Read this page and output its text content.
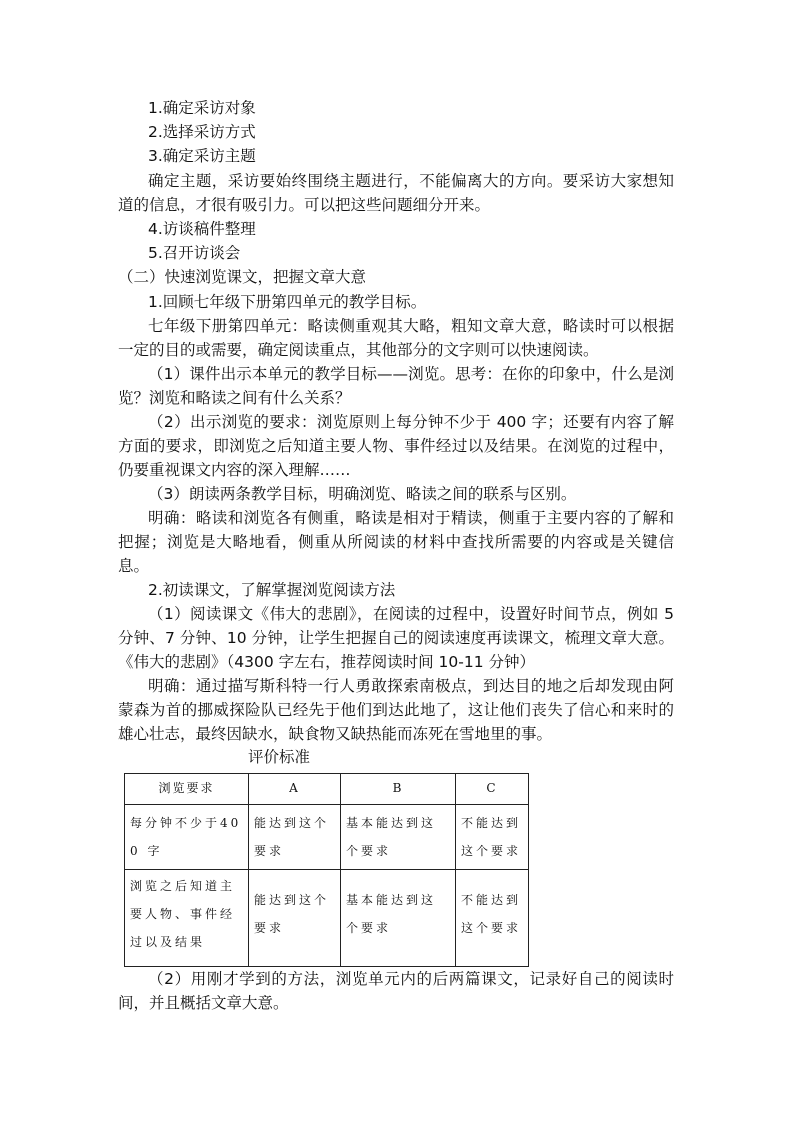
1.确定采访对象
2.选择采访方式
3.确定采访主题
确定主题，采访要始终围绕主题进行，不能偏离大的方向。要采访大家想知
道的信息，才很有吸引力。可以把这些问题细分开来。
4.访谈稿件整理
5.召开访谈会
（二）快速浏览课文，把握文章大意
1.回顾七年级下册第四单元的教学目标。
七年级下册第四单元：略读侧重观其大略，粗知文章大意，略读时可以根据
一定的目的或需要，确定阅读重点，其他部分的文字则可以快速阅读。
（1）课件出示本单元的教学目标——浏览。思考：在你的印象中，什么是浏
览？浏览和略读之间有什么关系？
（2）出示浏览的要求：浏览原则上每分钟不少于 400 字；还要有内容了解
方面的要求，即浏览之后知道主要人物、事件经过以及结果。在浏览的过程中，
仍要重视课文内容的深入理解……
（3）朗读两条教学目标，明确浏览、略读之间的联系与区别。
明确：略读和浏览各有侧重，略读是相对于精读，侧重于主要内容的了解和
把握；浏览是大略地看，侧重从所阅读的材料中查找所需要的内容或是关键信
息。
2.初读课文，了解掌握浏览阅读方法
（1）阅读课文《伟大的悲剧》，在阅读的过程中，设置好时间节点，例如 5
分钟、7 分钟、10 分钟，让学生把握自己的阅读速度再读课文，梳理文章大意。
《伟大的悲剧》（4300 字左右，推荐阅读时间 10-11 分钟）
明确：通过描写斯科特一行人勇敢探索南极点，到达目的地之后却发现由阿
蒙森为首的挪威探险队已经先于他们到达此地了，这让他们丧失了信心和来时的
雄心壮志，最终因缺水，缺食物又缺热能而冻死在雪地里的事。
评价标准
浏览要求	A	B	C
每分钟不少于400 字	能达到这个要求	基本能达到这个要求	不能达到这个要求
浏览之后知道主要人物、事件经过以及结果	能达到这个要求	基本能达到这个要求	不能达到这个要求
（2）用刚才学到的方法，浏览单元内的后两篇课文，记录好自己的阅读时
间，并且概括文章大意。
